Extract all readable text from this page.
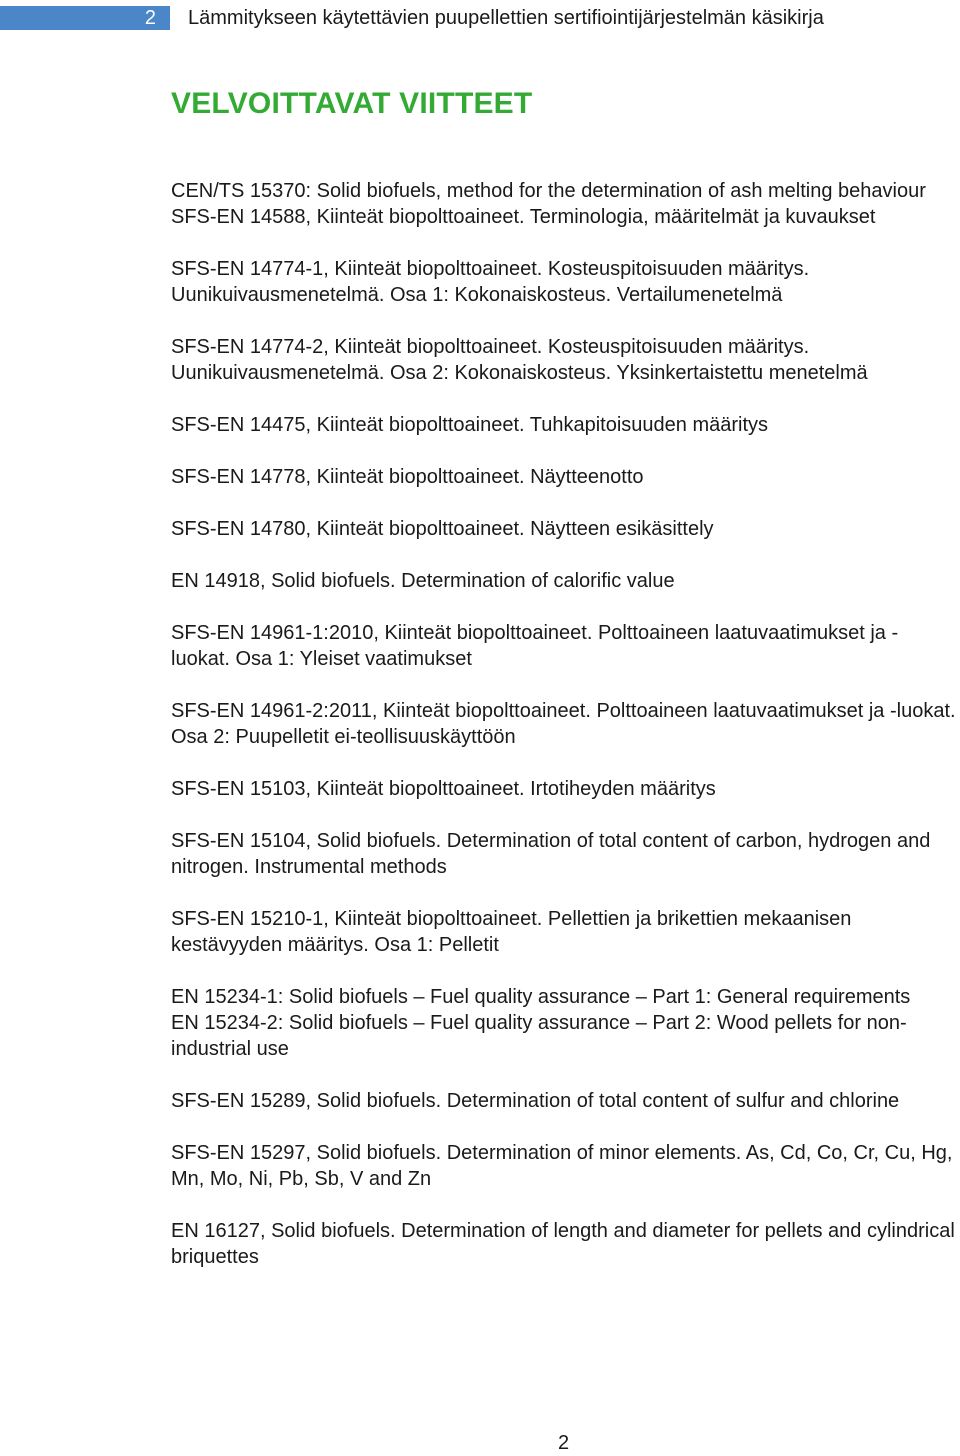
2	Lämmitykseen käytettävien puupellettien sertifiointijärjestelmän käsikirja
VELVOITTAVAT VIITTEET
CEN/TS 15370: Solid biofuels, method for the determination of ash melting behaviour
SFS-EN 14588, Kiinteät biopolttoaineet. Terminologia, määritelmät ja kuvaukset
SFS-EN 14774-1, Kiinteät biopolttoaineet. Kosteuspitoisuuden määritys. Uunikuivausmenetelmä. Osa 1: Kokonaiskosteus. Vertailumenetelmä
SFS-EN 14774-2, Kiinteät biopolttoaineet. Kosteuspitoisuuden määritys. Uunikuivausmenetelmä. Osa 2: Kokonaiskosteus. Yksinkertaistettu menetelmä
SFS-EN 14475, Kiinteät biopolttoaineet. Tuhkapitoisuuden määritys
SFS-EN 14778, Kiinteät biopolttoaineet. Näytteenotto
SFS-EN 14780, Kiinteät biopolttoaineet. Näytteen esikäsittely
EN 14918, Solid biofuels. Determination of calorific value
SFS-EN 14961-1:2010, Kiinteät biopolttoaineet. Polttoaineen laatuvaatimukset ja -luokat. Osa 1: Yleiset vaatimukset
SFS-EN 14961-2:2011, Kiinteät biopolttoaineet. Polttoaineen laatuvaatimukset ja -luokat. Osa 2: Puupelletit ei-teollisuuskäyttöön
SFS-EN 15103, Kiinteät biopolttoaineet. Irtotiheyden määritys
SFS-EN 15104, Solid biofuels. Determination of total content of carbon, hydrogen and nitrogen. Instrumental methods
SFS-EN 15210-1, Kiinteät biopolttoaineet. Pellettien ja brikettien mekaanisen kestävyyden määritys. Osa 1: Pelletit
EN 15234-1: Solid biofuels – Fuel quality assurance – Part 1: General requirements
EN 15234-2: Solid biofuels – Fuel quality assurance – Part 2: Wood pellets for non-industrial use
SFS-EN 15289, Solid biofuels. Determination of total content of sulfur and chlorine
SFS-EN 15297, Solid biofuels. Determination of minor elements. As, Cd, Co, Cr, Cu, Hg, Mn, Mo, Ni, Pb, Sb, V and Zn
EN 16127, Solid biofuels. Determination of length and diameter for pellets and cylindrical briquettes
2
